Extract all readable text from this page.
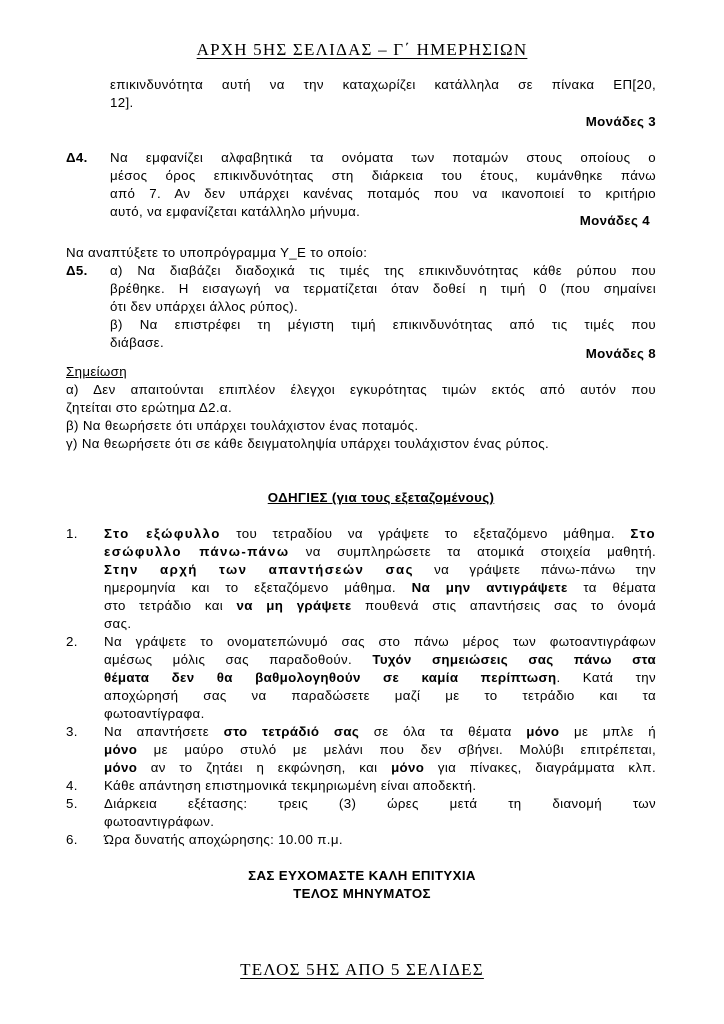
ΑΡΧΗ 5ΗΣ ΣΕΛΙΔΑΣ – Γ΄ ΗΜΕΡΗΣΙΩΝ
επικινδυνότητα αυτή να την καταχωρίζει κατάλληλα σε πίνακα ΕΠ[20,
12].
Μονάδες 3
Δ4. Να εμφανίζει αλφαβητικά τα ονόματα των ποταμών στους οποίους ο
μέσος όρος επικινδυνότητας στη διάρκεια του έτους, κυμάνθηκε πάνω
από 7. Αν δεν υπάρχει κανένας ποταμός που να ικανοποιεί το κριτήριο
αυτό, να εμφανίζεται κατάλληλο μήνυμα.
Μονάδες 4
Να αναπτύξετε το υποπρόγραμμα Υ_Ε το οποίο:
Δ5. α) Να διαβάζει διαδοχικά τις τιμές της επικινδυνότητας κάθε ρύπου που
βρέθηκε. Η εισαγωγή να τερματίζεται όταν δοθεί η τιμή 0 (που σημαίνει
ότι δεν υπάρχει άλλος ρύπος).
β) Να επιστρέφει τη μέγιστη τιμή επικινδυνότητας από τις τιμές που
διάβασε.
Μονάδες 8
Σημείωση
α) Δεν απαιτούνται επιπλέον έλεγχοι εγκυρότητας τιμών εκτός από αυτόν που
ζητείται στο ερώτημα Δ2.α.
β) Να θεωρήσετε ότι υπάρχει τουλάχιστον ένας ποταμός.
γ) Να θεωρήσετε ότι σε κάθε δειγματοληψία υπάρχει τουλάχιστον ένας ρύπος.
ΟΔΗΓΙΕΣ (για τους εξεταζομένους)
1. Στο εξώφυλλο του τετραδίου να γράψετε το εξεταζόμενο μάθημα. Στο
εσώφυλλο πάνω-πάνω να συμπληρώσετε τα ατομικά στοιχεία μαθητή.
Στην αρχή των απαντήσεών σας να γράψετε πάνω-πάνω την
ημερομηνία και το εξεταζόμενο μάθημα. Να μην αντιγράψετε τα θέματα
στο τετράδιο και να μη γράψετε πουθενά στις απαντήσεις σας το όνομά
σας.
2. Να γράψετε το ονοματεπώνυμό σας στο πάνω μέρος των φωτοαντιγράφων
αμέσως μόλις σας παραδοθούν. Τυχόν σημειώσεις σας πάνω στα
θέματα δεν θα βαθμολογηθούν σε καμία περίπτωση. Κατά την
αποχώρησή σας να παραδώσετε μαζί με το τετράδιο και τα
φωτοαντίγραφα.
3. Να απαντήσετε στο τετράδιό σας σε όλα τα θέματα μόνο με μπλε ή
μόνο με μαύρο στυλό με μελάνι που δεν σβήνει. Μολύβι επιτρέπεται,
μόνο αν το ζητάει η εκφώνηση, και μόνο για πίνακες, διαγράμματα κλπ.
4. Κάθε απάντηση επιστημονικά τεκμηριωμένη είναι αποδεκτή.
5. Διάρκεια εξέτασης: τρεις (3) ώρες μετά τη διανομή των
φωτοαντιγράφων.
6. Ώρα δυνατής αποχώρησης: 10.00 π.μ.
ΣΑΣ ΕΥΧΟΜΑΣΤΕ ΚΑΛΗ ΕΠΙΤΥΧΙΑ
ΤΕΛΟΣ ΜΗΝΥΜΑΤΟΣ
ΤΕΛΟΣ 5ΗΣ ΑΠΟ 5 ΣΕΛΙΔΕΣ
